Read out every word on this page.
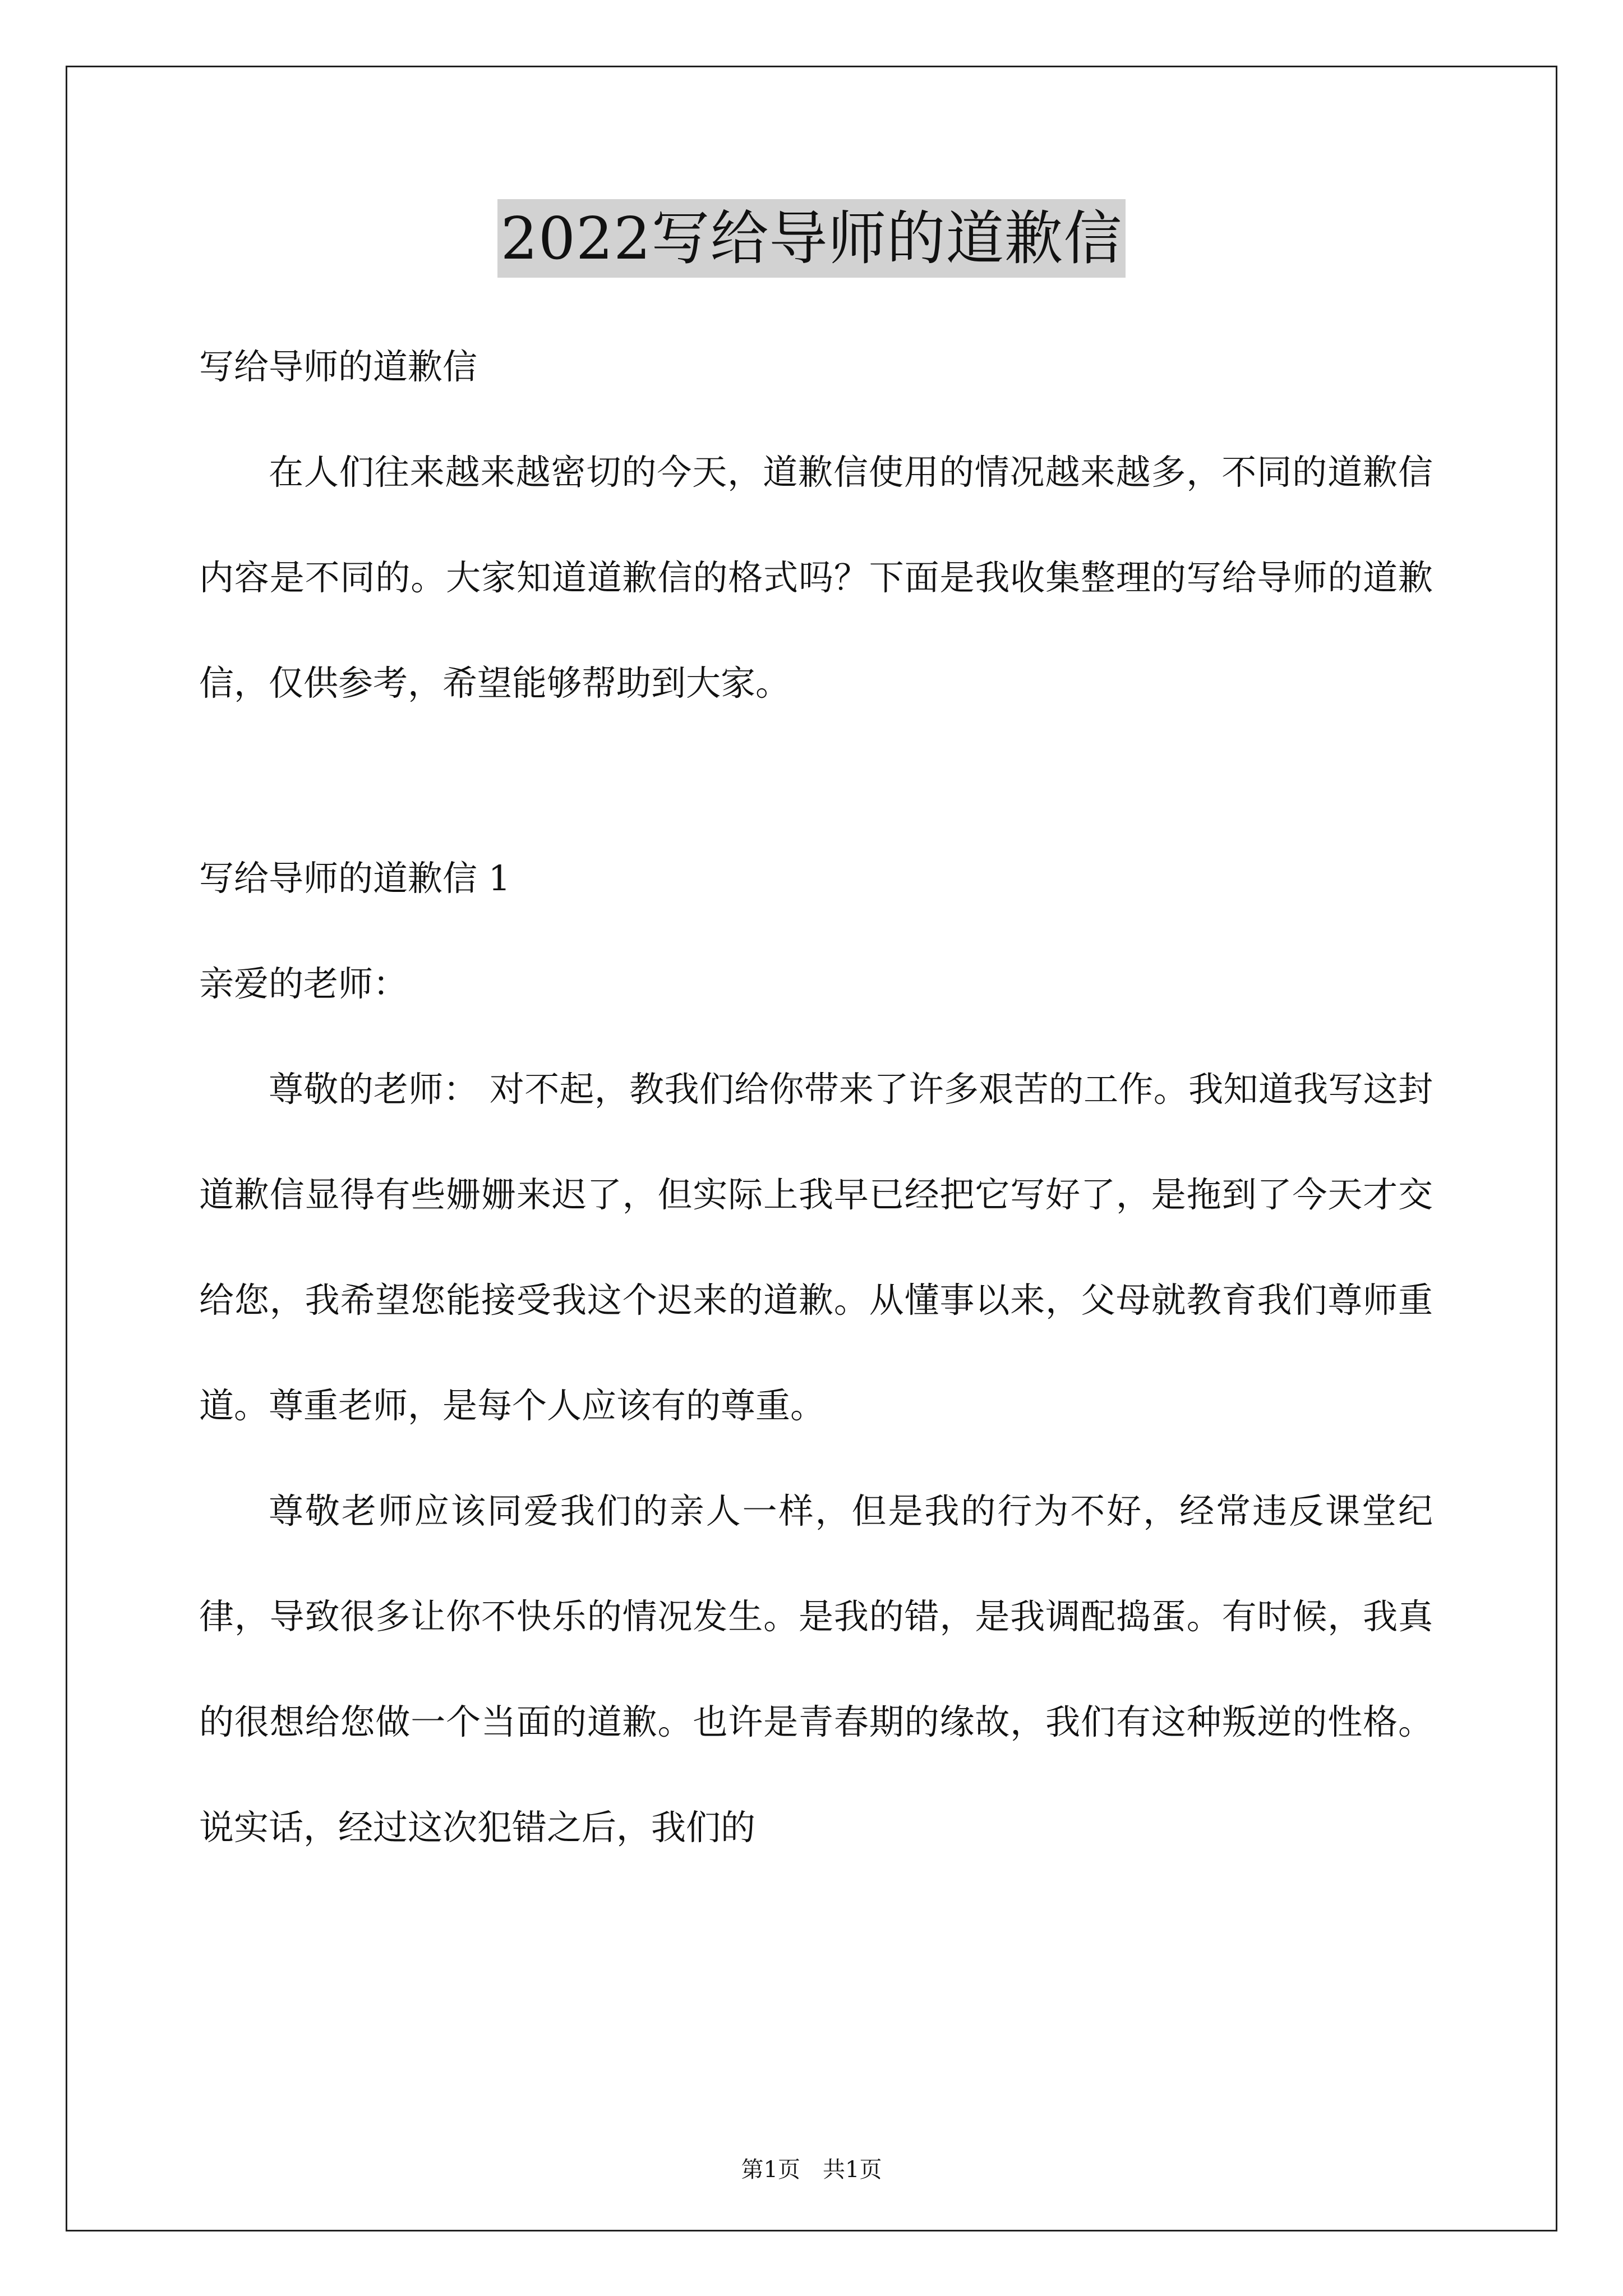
2022写给导师的道歉信

写给导师的道歉信

在人们往来越来越密切的今天，道歉信使用的情况越来越多，不同的道歉信内容是不同的。大家知道道歉信的格式吗？下面是我收集整理的写给导师的道歉信，仅供参考，希望能够帮助到大家。

写给导师的道歉信 1

亲爱的老师：

尊敬的老师： 对不起，教我们给你带来了许多艰苦的工作。我知道我写这封道歉信显得有些姗姗来迟了，但实际上我早已经把它写好了，是拖到了今天才交给您，我希望您能接受我这个迟来的道歉。从懂事以来，父母就教育我们尊师重道。尊重老师，是每个人应该有的尊重。

尊敬老师应该同爱我们的亲人一样，但是我的行为不好，经常违反课堂纪律，导致很多让你不快乐的情况发生。是我的错，是我调配捣蛋。有时候，我真的很想给您做一个当面的道歉。也许是青春期的缘故，我们有这种叛逆的性格。说实话，经过这次犯错之后，我们的

第1页　共1页
